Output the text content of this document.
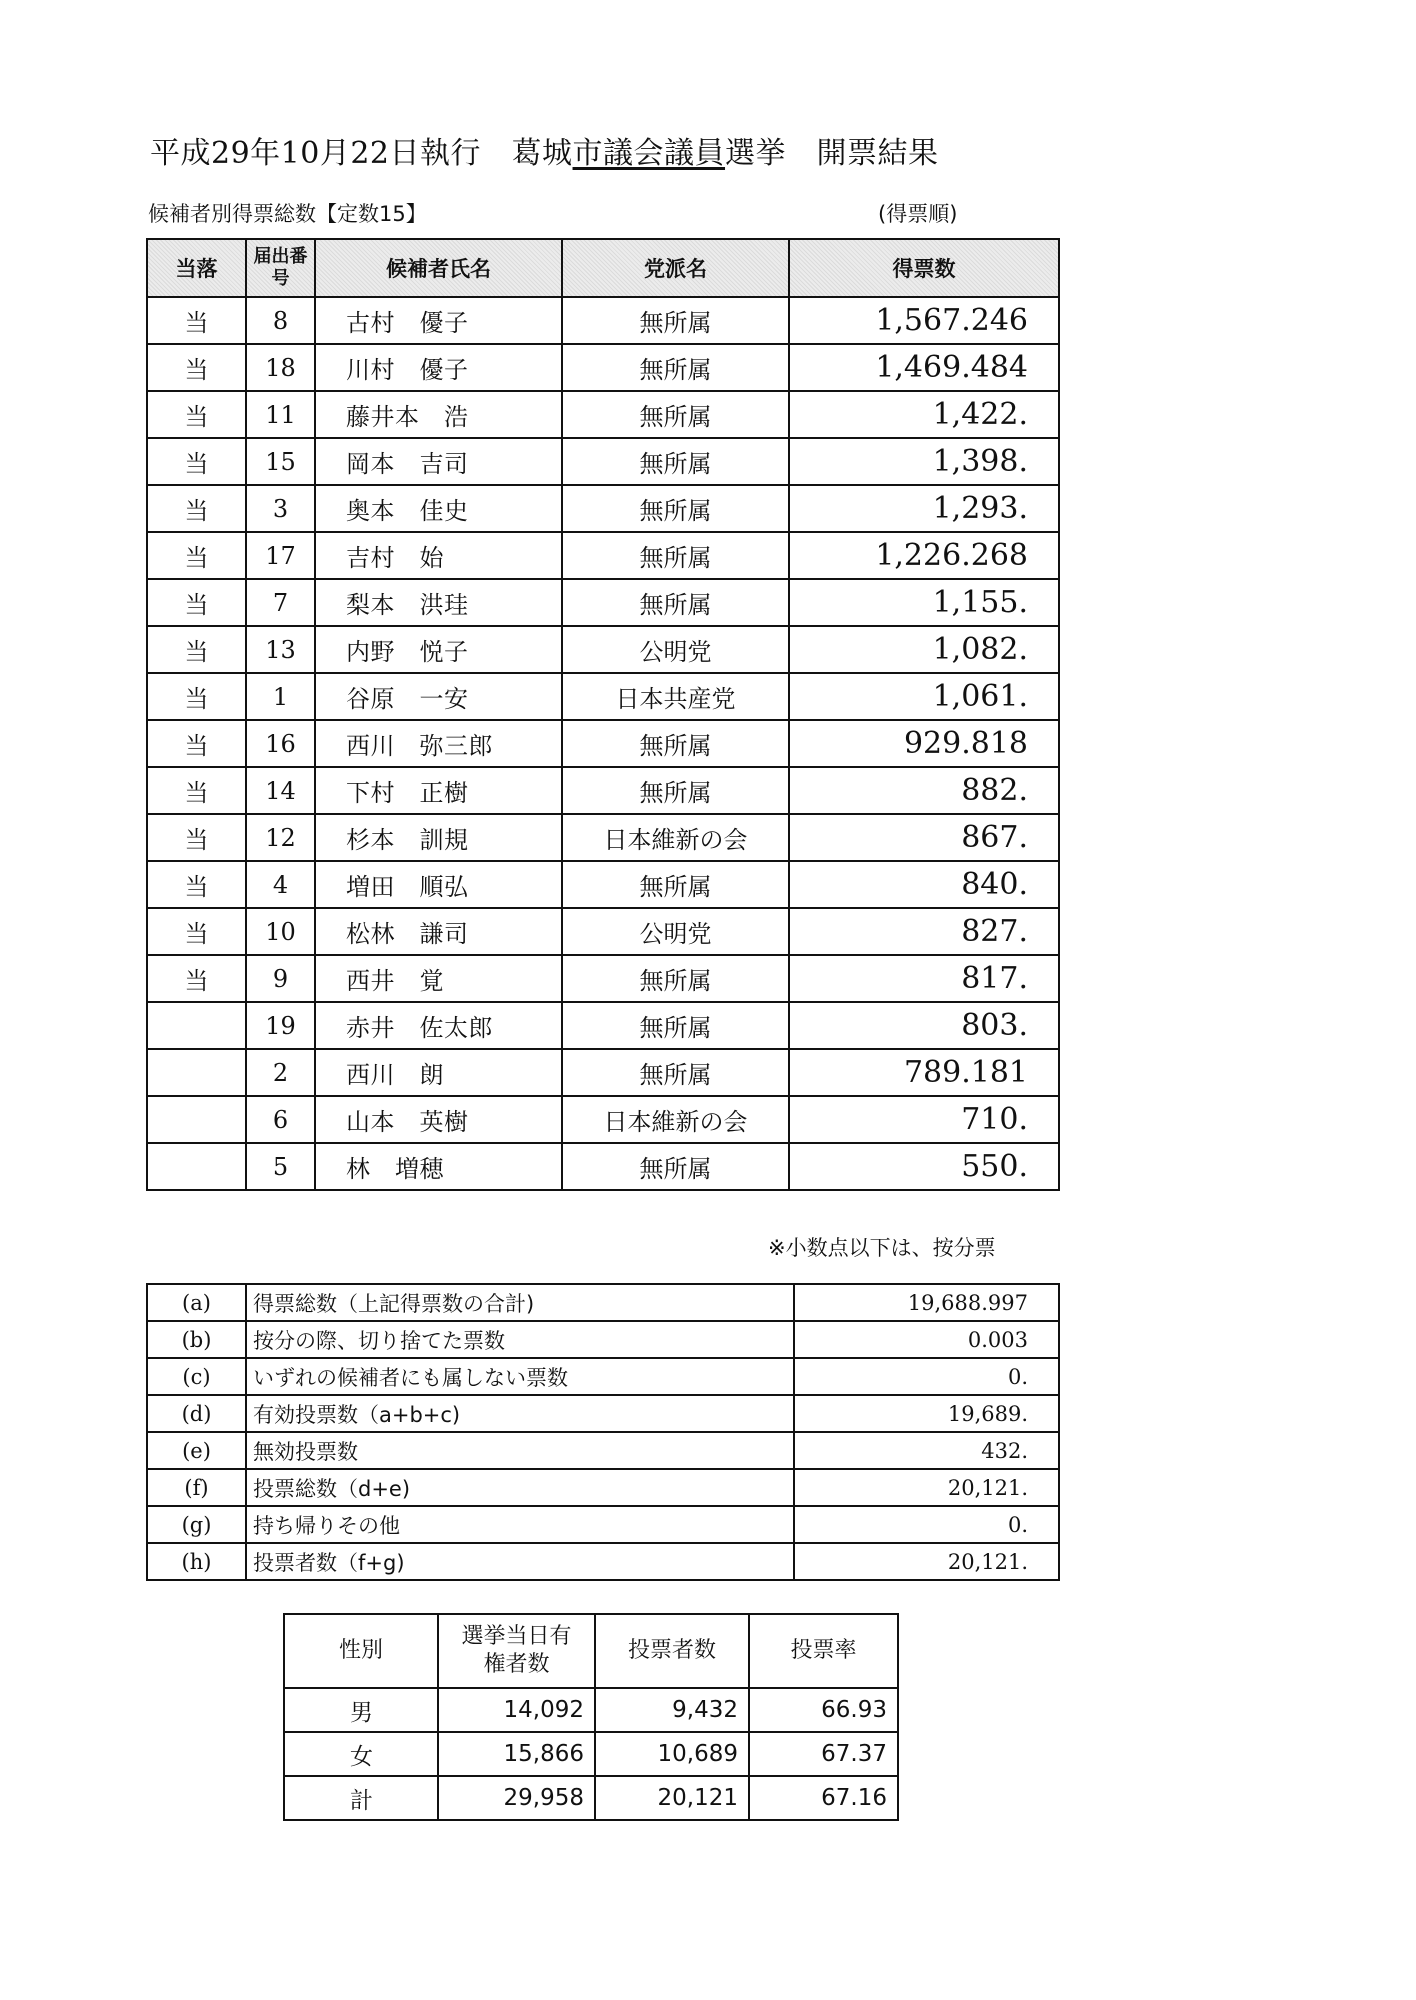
平成29年10月22日執行　 葛城市議会議員選挙　 開票結果
候補者別得票総数【定数15】	(得票順)
当落	届出番号	候補者氏名	党派名	得票数
当	8	古村　優子	無所属	1,567.246
当	18	川村　優子	無所属	1,469.484
当	11	藤井本　浩	無所属	1,422.
当	15	岡本　吉司	無所属	1,398.
当	3	奥本　佳史	無所属	1,293.
当	17	吉村　始	無所属	1,226.268
当	7	梨本　洪珪	無所属	1,155.
当	13	内野　悦子	公明党	1,082.
当	1	谷原　一安	日本共産党	1,061.
当	16	西川　弥三郎	無所属	929.818
当	14	下村　正樹	無所属	882.
当	12	杉本　訓規	日本維新の会	867.
当	4	増田　順弘	無所属	840.
当	10	松林　謙司	公明党	827.
当	9	西井　覚	無所属	817.
	19	赤井　佐太郎	無所属	803.
	2	西川　朗	無所属	789.181
	6	山本　英樹	日本維新の会	710.
	5	林　増穂	無所属	550.
※小数点以下は、按分票
(a)	得票総数（上記得票数の合計)	19,688.997
(b)	按分の際、切り捨てた票数	0.003
(c)	いずれの候補者にも属しない票数	0.
(d)	有効投票数（a+b+c)	19,689.
(e)	無効投票数	432.
(f)	投票総数（d+e)	20,121.
(g)	持ち帰りその他	0.
(h)	投票者数（f+g)	20,121.
性別	選挙当日有権者数	投票者数	投票率
男	14,092	9,432	66.93
女	15,866	10,689	67.37
計	29,958	20,121	67.16
